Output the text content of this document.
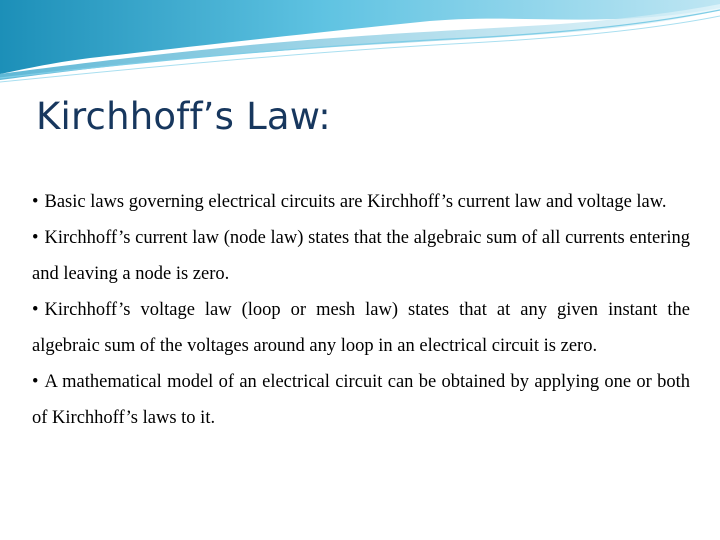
Kirchhoff’s Law:

• Basic laws governing electrical circuits are Kirchhoff’s current law and voltage law.

• Kirchhoff’s current law (node law) states that the algebraic sum of all currents entering and leaving a node is zero.

• Kirchhoff’s voltage law (loop or mesh law) states that at any given instant the algebraic sum of the voltages around any loop in an electrical circuit is zero.

• A mathematical model of an electrical circuit can be obtained by applying one or both of Kirchhoff’s laws to it.
